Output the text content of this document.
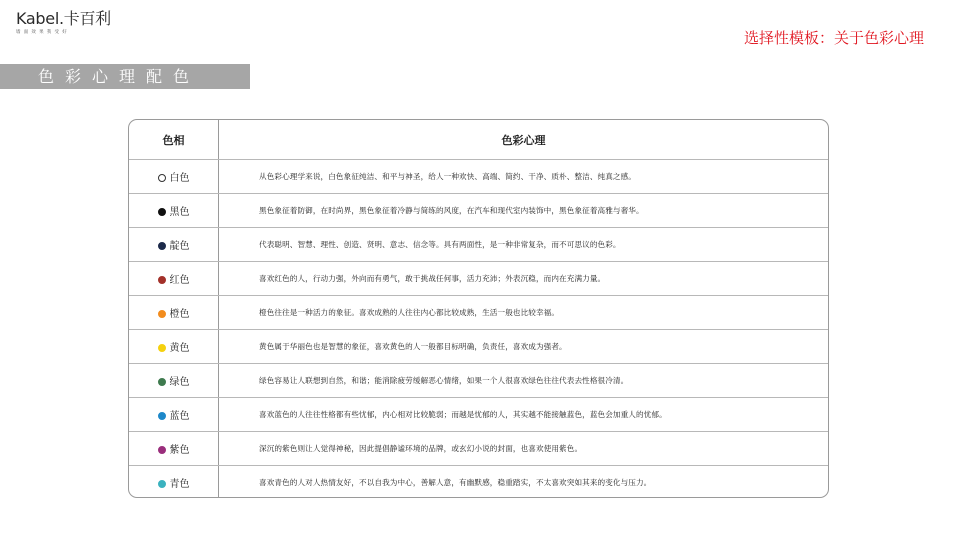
Kabel.卡百利
墙面效果我受好	选择性模板：关于色彩心理
色彩心理配色
色相	色彩心理
白色	从色彩心理学来说，白色象征纯洁、和平与神圣，给人一种欢快、高端、简约、干净、质朴、整洁、纯真之感。
黑色	黑色象征着防御，在时尚界，黑色象征着冷静与简练的风度，在汽车和现代室内装饰中，黑色象征着高雅与奢华。
靛色	代表聪明、智慧、理性、创造、贤明、意志、信念等。具有两面性，是一种非常复杂，而不可思议的色彩。
红色	喜欢红色的人，行动力强，外向而有勇气，敢于挑战任何事，活力充沛；外表沉稳，而内在充满力量。
橙色	橙色往往是一种活力的象征。喜欢成熟的人往往内心都比较成熟，生活一般也比较幸福。
黄色	黄色属于华丽色也是智慧的象征，喜欢黄色的人一般都目标明确，负责任，喜欢成为强者。
绿色	绿色容易让人联想到自然，和谐；能消除疲劳缓解恶心情绪，如果一个人很喜欢绿色往往代表去性格很冷清。
蓝色	喜欢蓝色的人往往性格都有些忧郁，内心相对比较脆弱；而越是忧郁的人，其实越不能接触蓝色，蓝色会加重人的忧郁。
紫色	深沉的紫色则让人觉得神秘，因此提倡静谧环境的品牌，或玄幻小说的封面，也喜欢使用紫色。
青色	喜欢青色的人对人热情友好，不以自我为中心，善解人意，有幽默感，稳重踏实，不太喜欢突如其来的变化与压力。
